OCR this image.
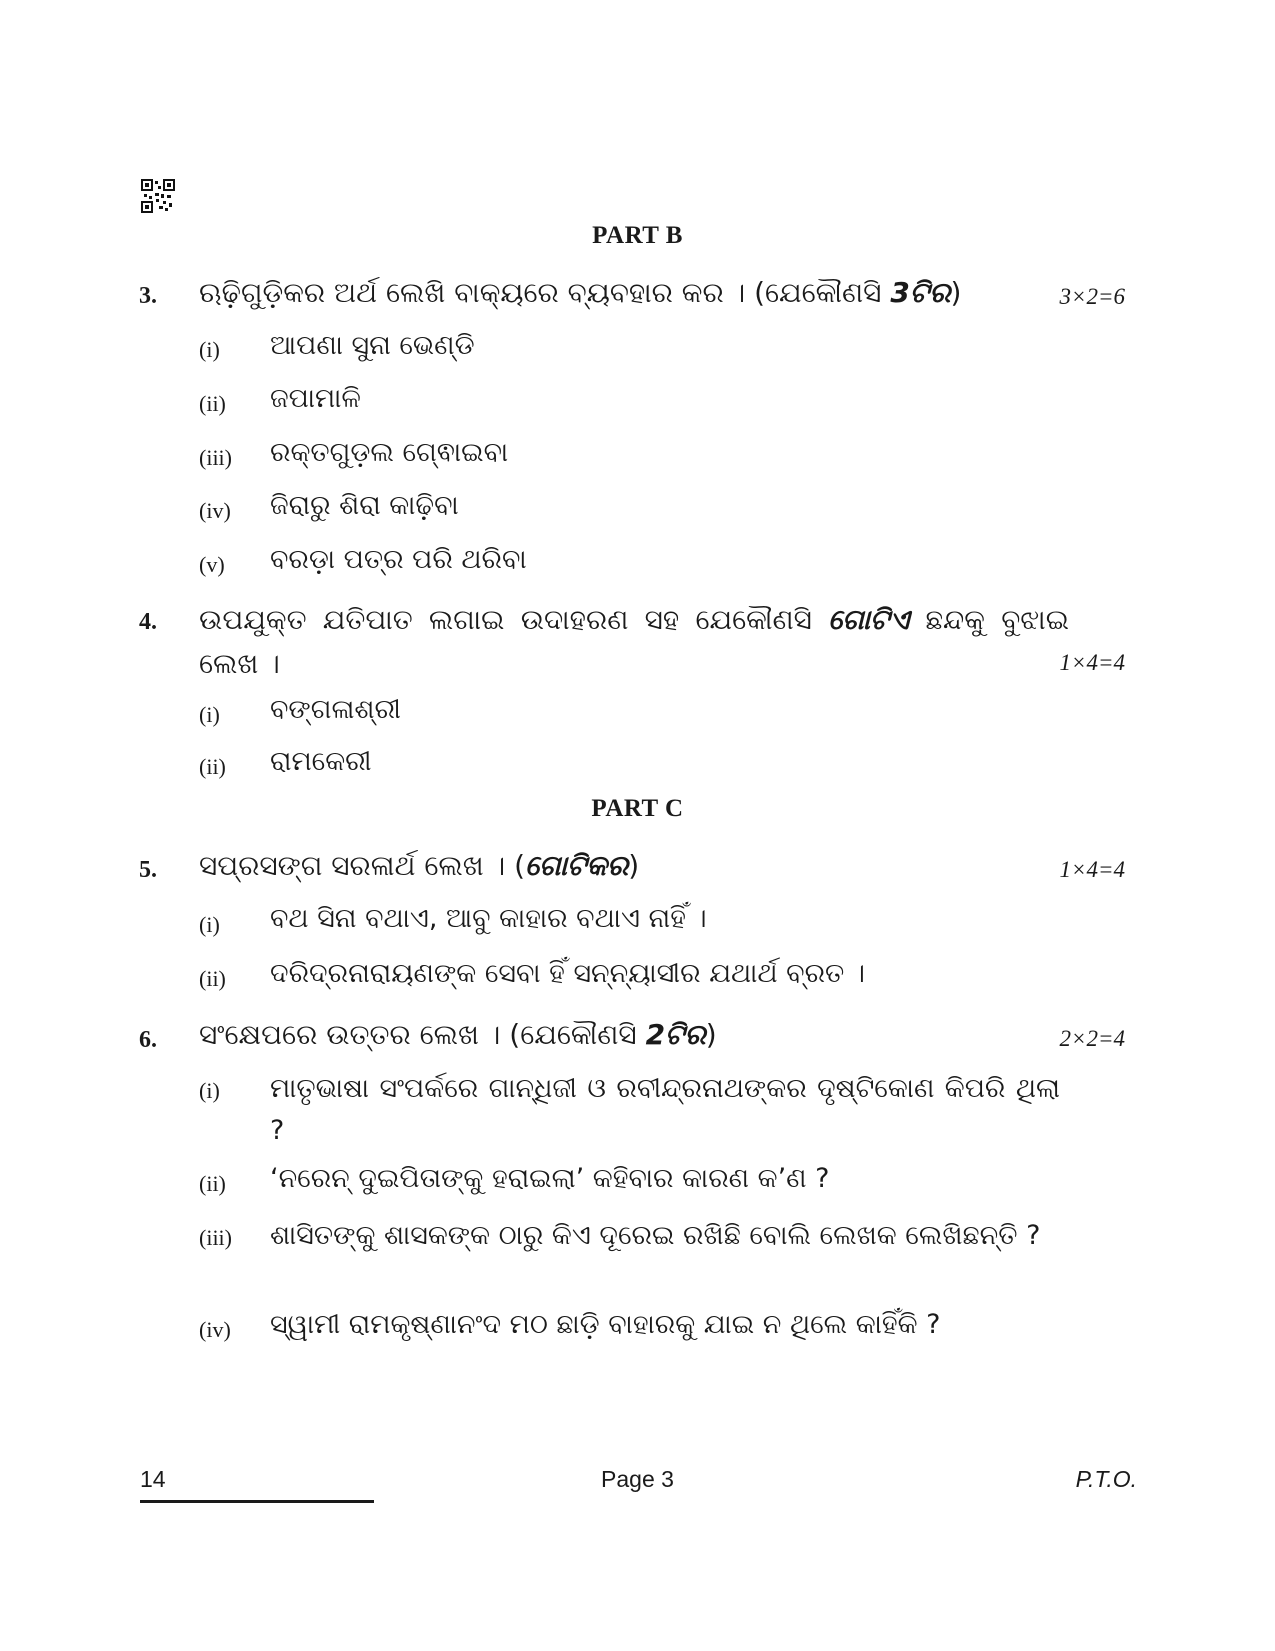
PART B
3.	ଋଢ଼ିଗୁଡ଼ିକର ଅର୍ଥ ଲେଖି ବାକ୍ୟରେ ବ୍ୟବହାର କର । (ଯେକୌଣସି 3ଟିର)	3×2=6
(i)	ଆପଣା ସୁନା ଭେଣ୍ଡି
(ii)	ଜପାମାଳି
(iii)	ରକ୍ତଗୁଡ଼ଲ ଗେ୍ଵାଇବା
(iv)	ଜିରାରୁ ଶିରା କାଢ଼ିବା
(v)	ବରଡ଼ା ପତ୍ର ପରି ଥରିବା
4.	ଉପଯୁକ୍ତ ଯତିପାତ ଲଗାଇ ଉଦାହରଣ ସହ ଯେକୌଣସି ଗୋଟିଏ ଛନ୍ଦକୁ ବୁଝାଇ ଲେଖ ।	1×4=4
(i)	ବଙ୍ଗଳାଶ୍ରୀ
(ii)	ରାମକେରୀ
PART C
5.	ସପ୍ରସଙ୍ଗ ସରଳାର୍ଥ ଲେଖ । (ଗୋଟିକର)	1×4=4
(i)	ବଥ ସିନା ବଥାଏ, ଆବୁ କାହାର ବଥାଏ ନାହିଁ ।
(ii)	ଦରିଦ୍ରନାରାୟଣଙ୍କ ସେବା ହିଁ ସନ୍ନ୍ୟାସୀର ଯଥାର୍ଥ ବ୍ରତ ।
6.	ସଂକ୍ଷେପରେ ଉତ୍ତର ଲେଖ । (ଯେକୌଣସି 2ଟିର)	2×2=4
(i)	ମାତୃଭାଷା ସଂପର୍କରେ ଗାନ୍ଧିଜୀ ଓ ରବୀନ୍ଦ୍ରନାଥଙ୍କର ଦୃଷ୍ଟିକୋଣ କିପରି ଥିଲା ?
(ii)	‘ନରେନ୍ ଦୁଇପିତାଙ୍କୁ ହରାଇଲା’ କହିବାର କାରଣ କ’ଣ ?
(iii)	ଶାସିତଙ୍କୁ ଶାସକଙ୍କ ଠାରୁ କିଏ ଦୂରେଇ ରଖିଛି ବୋଲି ଲେଖକ ଲେଖିଛନ୍ତି ?
(iv)	ସ୍ୱାମୀ ରାମକୃଷ୍ଣାନଂଦ ମଠ ଛାଡ଼ି ବାହାରକୁ ଯାଇ ନ ଥିଲେ କାହିଁକି ?
14	Page 3	P.T.O.
